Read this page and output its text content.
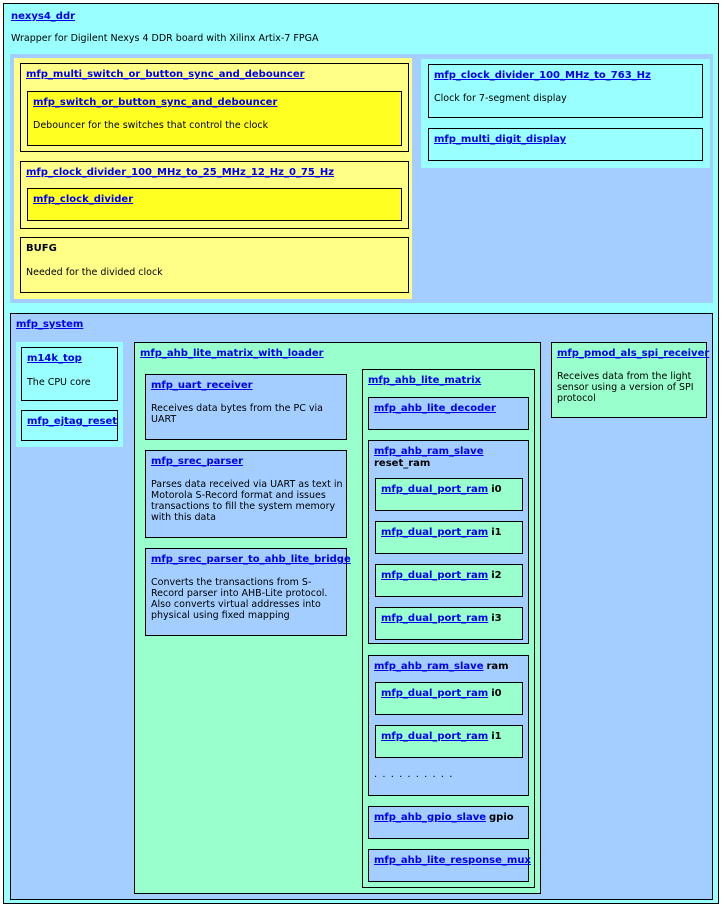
nexys4_ddr
Wrapper for Digilent Nexys 4 DDR board with Xilinx Artix-7 FPGA
mfp_multi_switch_or_button_sync_and_debouncer
mfp_switch_or_button_sync_and_debouncer
Debouncer for the switches that control the clock
mfp_clock_divider_100_MHz_to_25_MHz_12_Hz_0_75_Hz
mfp_clock_divider
BUFG
Needed for the divided clock
mfp_clock_divider_100_MHz_to_763_Hz
Clock for 7-segment display
mfp_multi_digit_display
mfp_system
m14k_top
The CPU core
mfp_ejtag_reset
mfp_ahb_lite_matrix_with_loader
mfp_uart_receiver
Receives data bytes from the PC via UART
mfp_srec_parser
Parses data received via UART as text in Motorola S-Record format and issues transactions to fill the system memory with this data
mfp_srec_parser_to_ahb_lite_bridge
Converts the transactions from S-Record parser into AHB-Lite protocol. Also converts virtual addresses into physical using fixed mapping
mfp_ahb_lite_matrix
mfp_ahb_lite_decoder
mfp_ahb_ram_slave
reset_ram
mfp_dual_port_ram i0
mfp_dual_port_ram i1
mfp_dual_port_ram i2
mfp_dual_port_ram i3
mfp_ahb_ram_slave ram
mfp_dual_port_ram i0
mfp_dual_port_ram i1
. . . . . . . . . .
mfp_ahb_gpio_slave gpio
mfp_ahb_lite_response_mux
mfp_pmod_als_spi_receiver
Receives data from the light sensor using a version of SPI protocol
